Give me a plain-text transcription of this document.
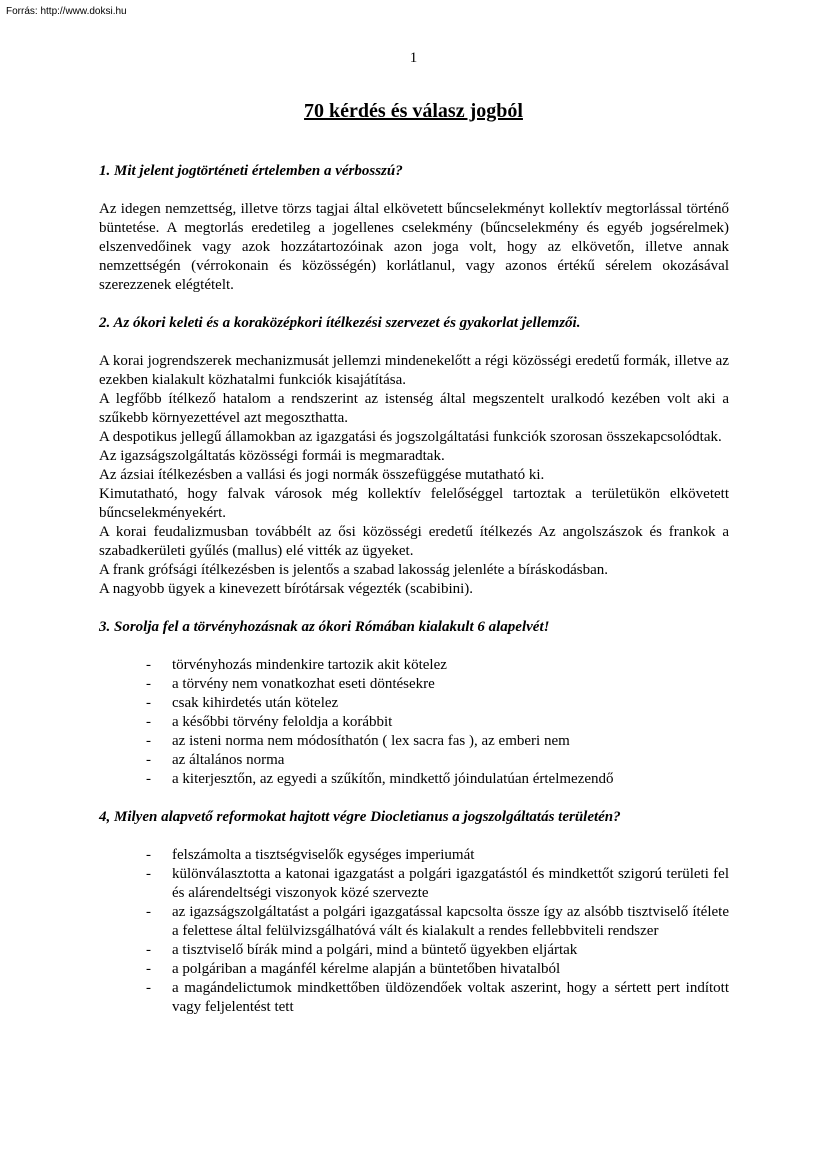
Forrás: http://www.doksi.hu
1
70 kérdés és válasz jogból
1. Mit jelent jogtörténeti értelemben a vérbosszú?

Az idegen nemzettség, illetve törzs tagjai által elkövetett bűncselekményt kollektív megtorlással történő büntetése. A megtorlás eredetileg a jogellenes cselekmény (bűncselekmény és egyéb jogsérelmek) elszenvedőinek vagy azok hozzátartozóinak azon joga volt, hogy az elkövetőn, illetve annak nemzettségén (vérrokonain és közösségén) korlátlanul, vagy azonos értékű sérelem okozásával szerezzenek elégtételt.

2. Az ókori keleti és a koraközépkori ítélkezési szervezet és gyakorlat jellemzői.

A korai jogrendszerek mechanizmusát jellemzi mindenekelőtt a régi közösségi eredetű formák, illetve az ezekben kialakult közhatalmi funkciók kisajátítása.

A legfőbb ítélkező hatalom a rendszerint az istenség által megszentelt uralkodó kezében volt aki a szűkebb környezettével azt megoszthatta.

A despotikus jellegű államokban az igazgatási és jogszolgáltatási funkciók szorosan összekapcsolódtak.

Az igazságszolgáltatás közösségi formái is megmaradtak.

Az ázsiai ítélkezésben a vallási és jogi normák összefüggése mutatható ki.

Kimutatható, hogy falvak városok még kollektív felelőséggel tartoztak a területükön elkövetett bűncselekményekért.

A korai feudalizmusban továbbélt az ősi közösségi eredetű ítélkezés Az angolszászok és frankok a szabadkerületi gyűlés (mallus) elé vitték az ügyeket.

A frank grófsági ítélkezésben is jelentős a szabad lakosság jelenléte a bíráskodásban.

A nagyobb ügyek a kinevezett bírótársak végezték (scabibini).

3. Sorolja fel a törvényhozásnak az ókori Rómában kialakult 6 alapelvét!
- törvényhozás mindenkire tartozik akit kötelez
- a törvény nem vonatkozhat eseti döntésekre
- csak kihirdetés után kötelez
- a későbbi törvény feloldja a korábbit
- az isteni norma nem módosíthatón ( lex sacra fas ), az emberi nem
- az általános norma
- a kiterjesztőn, az egyedi a szűkítőn, mindkettő jóindulatúan értelmezendő
4, Milyen alapvető reformokat hajtott végre Diocletianus a jogszolgáltatás területén?
- felszámolta a tisztségviselők egységes imperiumát
- különválasztotta a katonai igazgatást a polgári igazgatástól és mindkettőt szigorú területi fel és alárendeltségi viszonyok közé szervezte
- az igazságszolgáltatást a polgári igazgatással kapcsolta össze így az alsóbb tisztviselő ítélete a felettese által felülvizsgálhatóvá vált és kialakult a rendes fellebbviteli rendszer
- a tisztviselő bírák mind a polgári, mind a büntető ügyekben eljártak
- a polgáriban a magánfél kérelme alapján a büntetőben hivatalból
- a magándelictumok mindkettőben üldözendőek voltak aszerint, hogy a sértett pert indított vagy feljelentést tett
